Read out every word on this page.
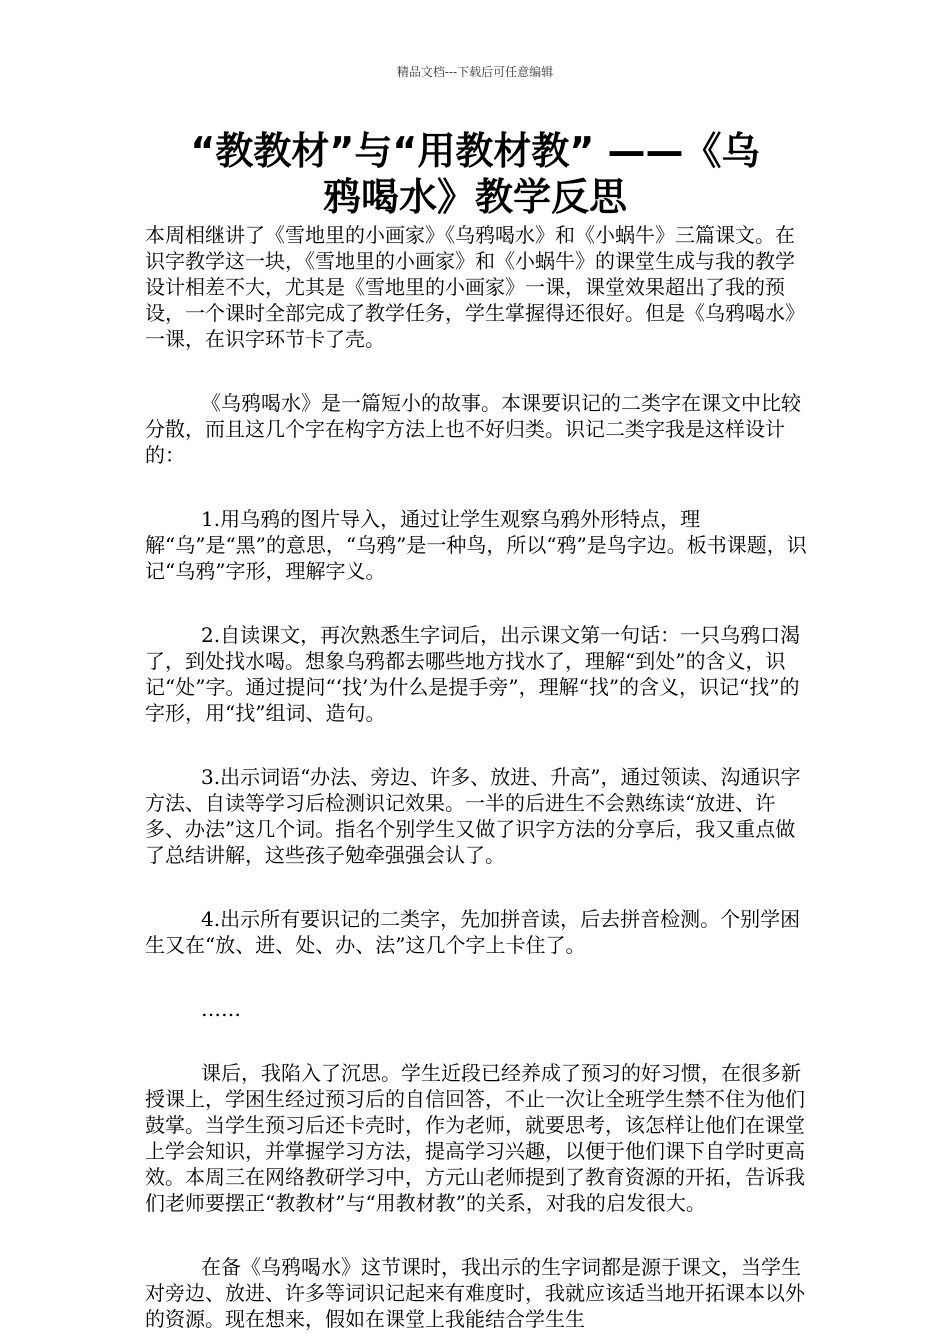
精品文档---下载后可任意编辑
“教教材”与“用教材教” ——《乌
鸦喝水》教学反思

本周相继讲了《雪地里的小画家》《乌鸦喝水》和《小蜗牛》三篇课文。在识字教学这一块，《雪地里的小画家》和《小蜗牛》的课堂生成与我的教学设计相差不大，尤其是《雪地里的小画家》一课，课堂效果超出了我的预设，一个课时全部完成了教学任务，学生掌握得还很好。但是《乌鸦喝水》一课，在识字环节卡了壳。

《乌鸦喝水》是一篇短小的故事。本课要识记的二类字在课文中比较分散，而且这几个字在构字方法上也不好归类。识记二类字我是这样设计的：

1.用乌鸦的图片导入，通过让学生观察乌鸦外形特点，理解“乌”是“黑”的意思，“乌鸦”是一种鸟，所以“鸦”是鸟字边。板书课题，识记“乌鸦”字形，理解字义。

2.自读课文，再次熟悉生字词后，出示课文第一句话：一只乌鸦口渴了，到处找水喝。想象乌鸦都去哪些地方找水了，理解“到处”的含义，识记“处”字。通过提问“‘找’为什么是提手旁”，理解“找”的含义，识记“找”的字形，用“找”组词、造句。

3.出示词语“办法、旁边、许多、放进、升高”，通过领读、沟通识字方法、自读等学习后检测识记效果。一半的后进生不会熟练读“放进、许多、办法”这几个词。指名个别学生又做了识字方法的分享后，我又重点做了总结讲解，这些孩子勉牵强强会认了。

4.出示所有要识记的二类字，先加拼音读，后去拼音检测。个别学困生又在“放、进、处、办、法”这几个字上卡住了。

……

课后，我陷入了沉思。学生近段已经养成了预习的好习惯，在很多新授课上，学困生经过预习后的自信回答，不止一次让全班学生禁不住为他们鼓掌。当学生预习后还卡壳时，作为老师，就要思考，该怎样让他们在课堂上学会知识，并掌握学习方法，提高学习兴趣，以便于他们课下自学时更高效。本周三在网络教研学习中，方元山老师提到了教育资源的开拓，告诉我们老师要摆正“教教材”与“用教材教”的关系，对我的启发很大。

在备《乌鸦喝水》这节课时，我出示的生字词都是源于课文，当学生对旁边、放进、许多等词识记起来有难度时，我就应该适当地开拓课本以外的资源。现在想来，假如在课堂上我能结合学生生
